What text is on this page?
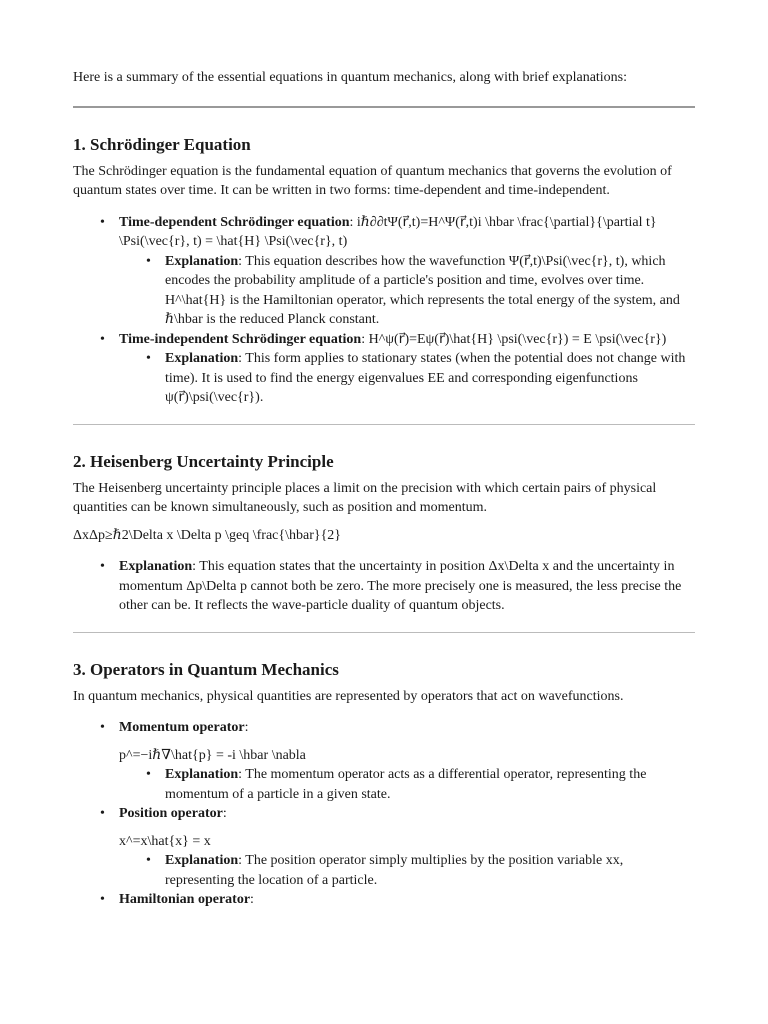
Here is a summary of the essential equations in quantum mechanics, along with brief explanations:

1. Schrödinger Equation

The Schrödinger equation is the fundamental equation of quantum mechanics that governs the evolution of quantum states over time. It can be written in two forms: time-dependent and time-independent.

• Time-dependent Schrödinger equation: iℏ∂∂tΨ(r⃗,t)=H^Ψ(r⃗,t)i \hbar \frac{\partial}{\partial t} \Psi(\vec{r}, t) = \hat{H} \Psi(\vec{r}, t)
• Explanation: This equation describes how the wavefunction Ψ(r⃗,t)\Psi(\vec{r}, t), which encodes the probability amplitude of a particle's position and time, evolves over time. H^\hat{H} is the Hamiltonian operator, which represents the total energy of the system, and ℏ\hbar is the reduced Planck constant.
• Time-independent Schrödinger equation: H^ψ(r⃗)=Eψ(r⃗)\hat{H} \psi(\vec{r}) = E \psi(\vec{r})
• Explanation: This form applies to stationary states (when the potential does not change with time). It is used to find the energy eigenvalues EE and corresponding eigenfunctions ψ(r⃗)\psi(\vec{r}).
2. Heisenberg Uncertainty Principle

The Heisenberg uncertainty principle places a limit on the precision with which certain pairs of physical quantities can be known simultaneously, such as position and momentum.

ΔxΔp≥ℏ2\Delta x \Delta p \geq \frac{\hbar}{2}

• Explanation: This equation states that the uncertainty in position Δx\Delta x and the uncertainty in momentum Δp\Delta p cannot both be zero. The more precisely one is measured, the less precise the other can be. It reflects the wave-particle duality of quantum objects.
3. Operators in Quantum Mechanics

In quantum mechanics, physical quantities are represented by operators that act on wavefunctions.

• Momentum operator:

p^=−iℏ∇\hat{p} = -i \hbar \nabla

• Explanation: The momentum operator acts as a differential operator, representing the momentum of a particle in a given state.
• Position operator:

x^=x\hat{x} = x

• Explanation: The position operator simply multiplies by the position variable xx, representing the location of a particle.
• Hamiltonian operator:
